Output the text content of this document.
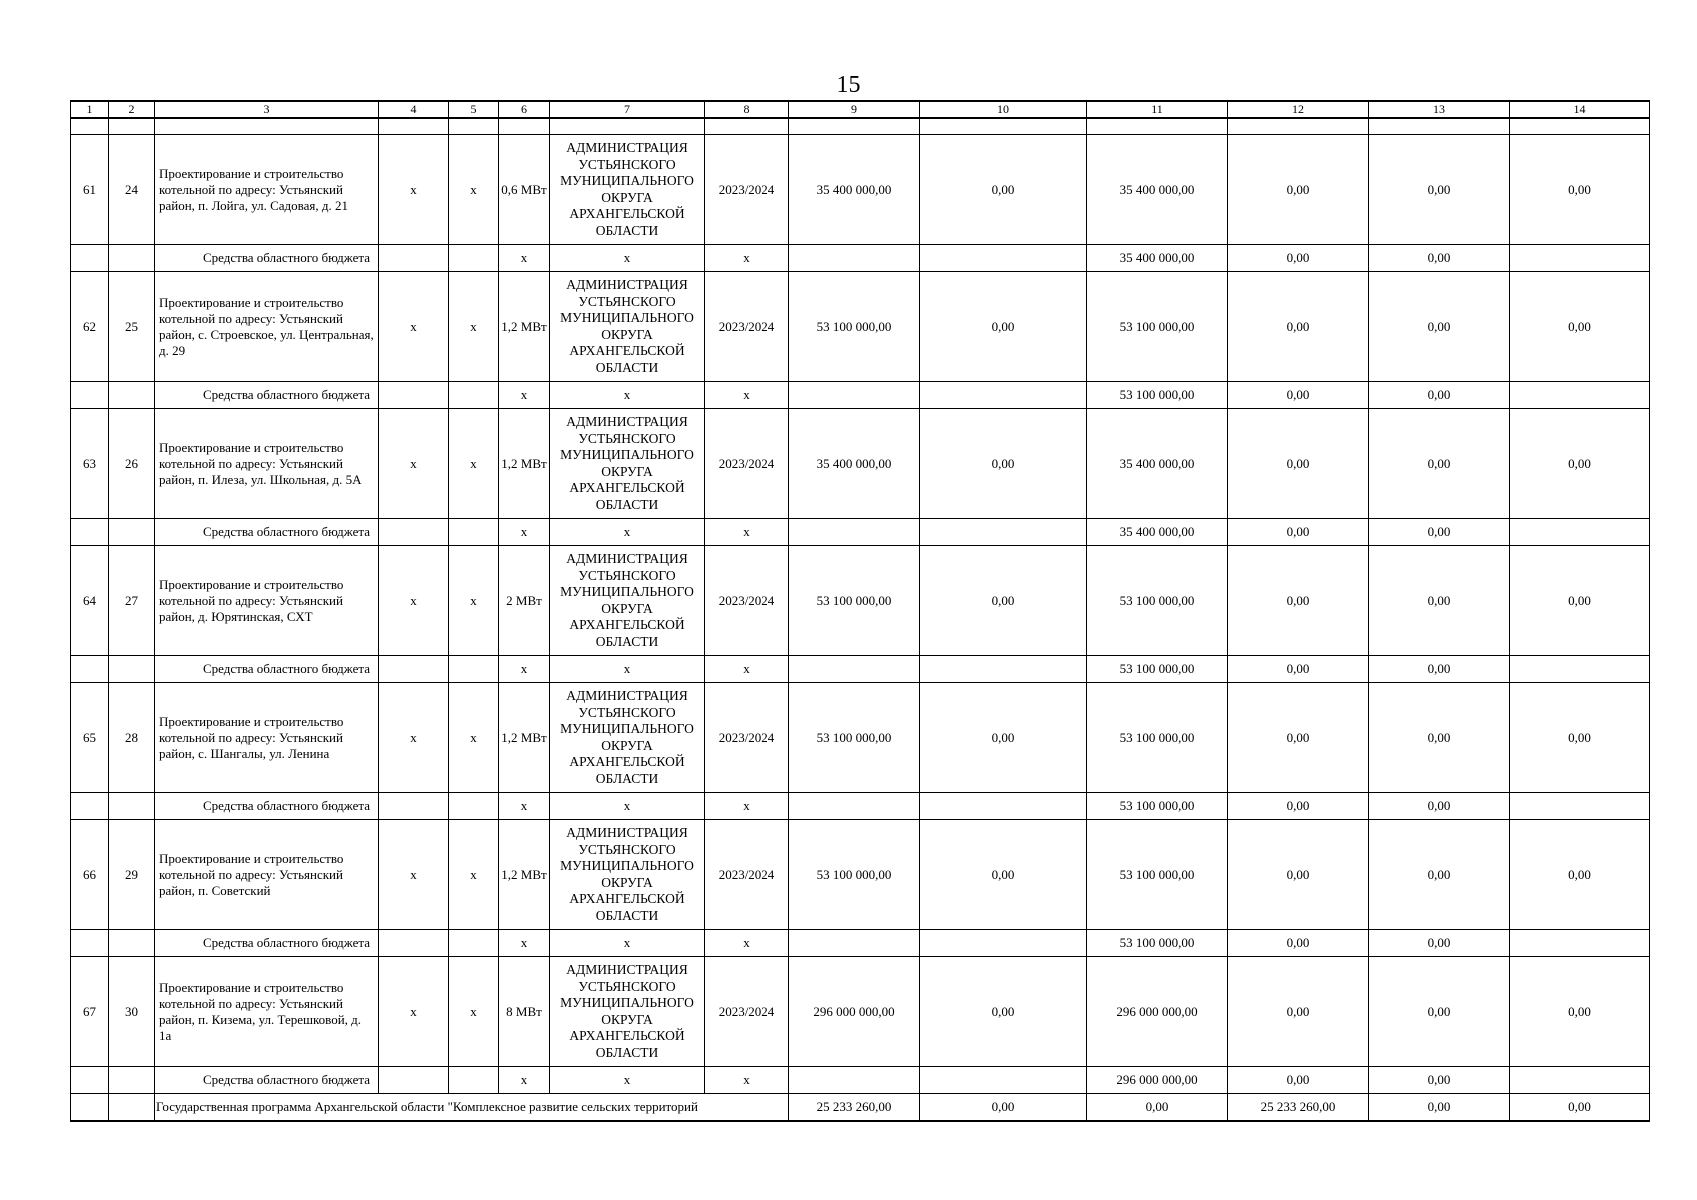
15
1	2	3	4	5	6	7	8	9	10	11	12	13	14

61	24	Проектирование и строительство котельной по адресу: Устьянский район, п. Лойга, ул. Садовая, д. 21	х	х	0,6 МВт	АДМИНИСТРАЦИЯ УСТЬЯНСКОГО МУНИЦИПАЛЬНОГО ОКРУГА АРХАНГЕЛЬСКОЙ ОБЛАСТИ	2023/2024	35 400 000,00	0,00	35 400 000,00	0,00	0,00	0,00
		Средства областного бюджета			х	х	х			35 400 000,00	0,00	0,00	
62	25	Проектирование и строительство котельной по адресу: Устьянский район, с. Строевское, ул. Центральная, д. 29	х	х	1,2 МВт	АДМИНИСТРАЦИЯ УСТЬЯНСКОГО МУНИЦИПАЛЬНОГО ОКРУГА АРХАНГЕЛЬСКОЙ ОБЛАСТИ	2023/2024	53 100 000,00	0,00	53 100 000,00	0,00	0,00	0,00
		Средства областного бюджета			х	х	х			53 100 000,00	0,00	0,00	
63	26	Проектирование и строительство котельной по адресу: Устьянский район, п. Илеза, ул. Школьная, д. 5А	х	х	1,2 МВт	АДМИНИСТРАЦИЯ УСТЬЯНСКОГО МУНИЦИПАЛЬНОГО ОКРУГА АРХАНГЕЛЬСКОЙ ОБЛАСТИ	2023/2024	35 400 000,00	0,00	35 400 000,00	0,00	0,00	0,00
		Средства областного бюджета			х	х	х			35 400 000,00	0,00	0,00	
64	27	Проектирование и строительство котельной по адресу: Устьянский район, д. Юрятинская, СХТ	х	х	2 МВт	АДМИНИСТРАЦИЯ УСТЬЯНСКОГО МУНИЦИПАЛЬНОГО ОКРУГА АРХАНГЕЛЬСКОЙ ОБЛАСТИ	2023/2024	53 100 000,00	0,00	53 100 000,00	0,00	0,00	0,00
		Средства областного бюджета			х	х	х			53 100 000,00	0,00	0,00	
65	28	Проектирование и строительство котельной по адресу: Устьянский район, с. Шангалы, ул. Ленина	х	х	1,2 МВт	АДМИНИСТРАЦИЯ УСТЬЯНСКОГО МУНИЦИПАЛЬНОГО ОКРУГА АРХАНГЕЛЬСКОЙ ОБЛАСТИ	2023/2024	53 100 000,00	0,00	53 100 000,00	0,00	0,00	0,00
		Средства областного бюджета			х	х	х			53 100 000,00	0,00	0,00	
66	29	Проектирование и строительство котельной по адресу: Устьянский район, п. Советский	х	х	1,2 МВт	АДМИНИСТРАЦИЯ УСТЬЯНСКОГО МУНИЦИПАЛЬНОГО ОКРУГА АРХАНГЕЛЬСКОЙ ОБЛАСТИ	2023/2024	53 100 000,00	0,00	53 100 000,00	0,00	0,00	0,00
		Средства областного бюджета			х	х	х			53 100 000,00	0,00	0,00	
67	30	Проектирование и строительство котельной по адресу: Устьянский район, п. Кизема, ул. Терешковой, д. 1а	х	х	8 МВт	АДМИНИСТРАЦИЯ УСТЬЯНСКОГО МУНИЦИПАЛЬНОГО ОКРУГА АРХАНГЕЛЬСКОЙ ОБЛАСТИ	2023/2024	296 000 000,00	0,00	296 000 000,00	0,00	0,00	0,00
		Средства областного бюджета			х	х	х			296 000 000,00	0,00	0,00	
		Государственная программа Архангельской области "Комплексное развитие сельских территорий						25 233 260,00	0,00	0,00	25 233 260,00	0,00	0,00
